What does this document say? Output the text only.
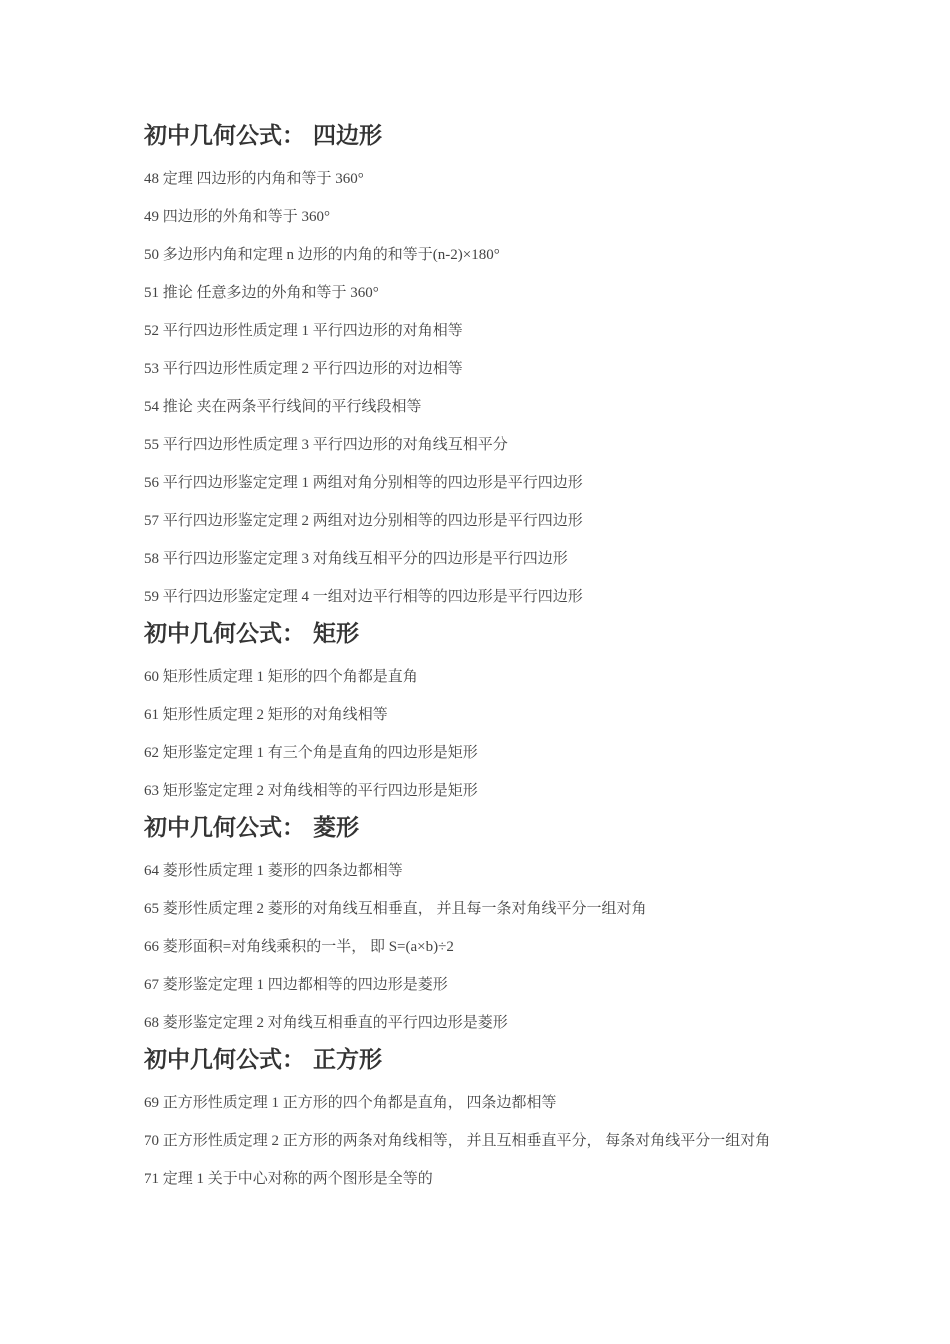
初中几何公式： 四边形
48 定理 四边形的内角和等于 360°
49 四边形的外角和等于 360°
50 多边形内角和定理 n 边形的内角的和等于(n-2)×180°
51 推论 任意多边的外角和等于 360°
52 平行四边形性质定理 1 平行四边形的对角相等
53 平行四边形性质定理 2 平行四边形的对边相等
54 推论 夹在两条平行线间的平行线段相等
55 平行四边形性质定理 3 平行四边形的对角线互相平分
56 平行四边形鉴定定理 1 两组对角分别相等的四边形是平行四边形
57 平行四边形鉴定定理 2 两组对边分别相等的四边形是平行四边形
58 平行四边形鉴定定理 3 对角线互相平分的四边形是平行四边形
59 平行四边形鉴定定理 4 一组对边平行相等的四边形是平行四边形
初中几何公式： 矩形
60 矩形性质定理 1 矩形的四个角都是直角
61 矩形性质定理 2 矩形的对角线相等
62 矩形鉴定定理 1 有三个角是直角的四边形是矩形
63 矩形鉴定定理 2 对角线相等的平行四边形是矩形
初中几何公式： 菱形
64 菱形性质定理 1 菱形的四条边都相等
65 菱形性质定理 2 菱形的对角线互相垂直， 并且每一条对角线平分一组对角
66 菱形面积=对角线乘积的一半， 即 S=(a×b)÷2
67 菱形鉴定定理 1 四边都相等的四边形是菱形
68 菱形鉴定定理 2 对角线互相垂直的平行四边形是菱形
初中几何公式： 正方形
69 正方形性质定理 1 正方形的四个角都是直角， 四条边都相等
70 正方形性质定理 2 正方形的两条对角线相等， 并且互相垂直平分， 每条对角线平分一组对角
71 定理 1 关于中心对称的两个图形是全等的
